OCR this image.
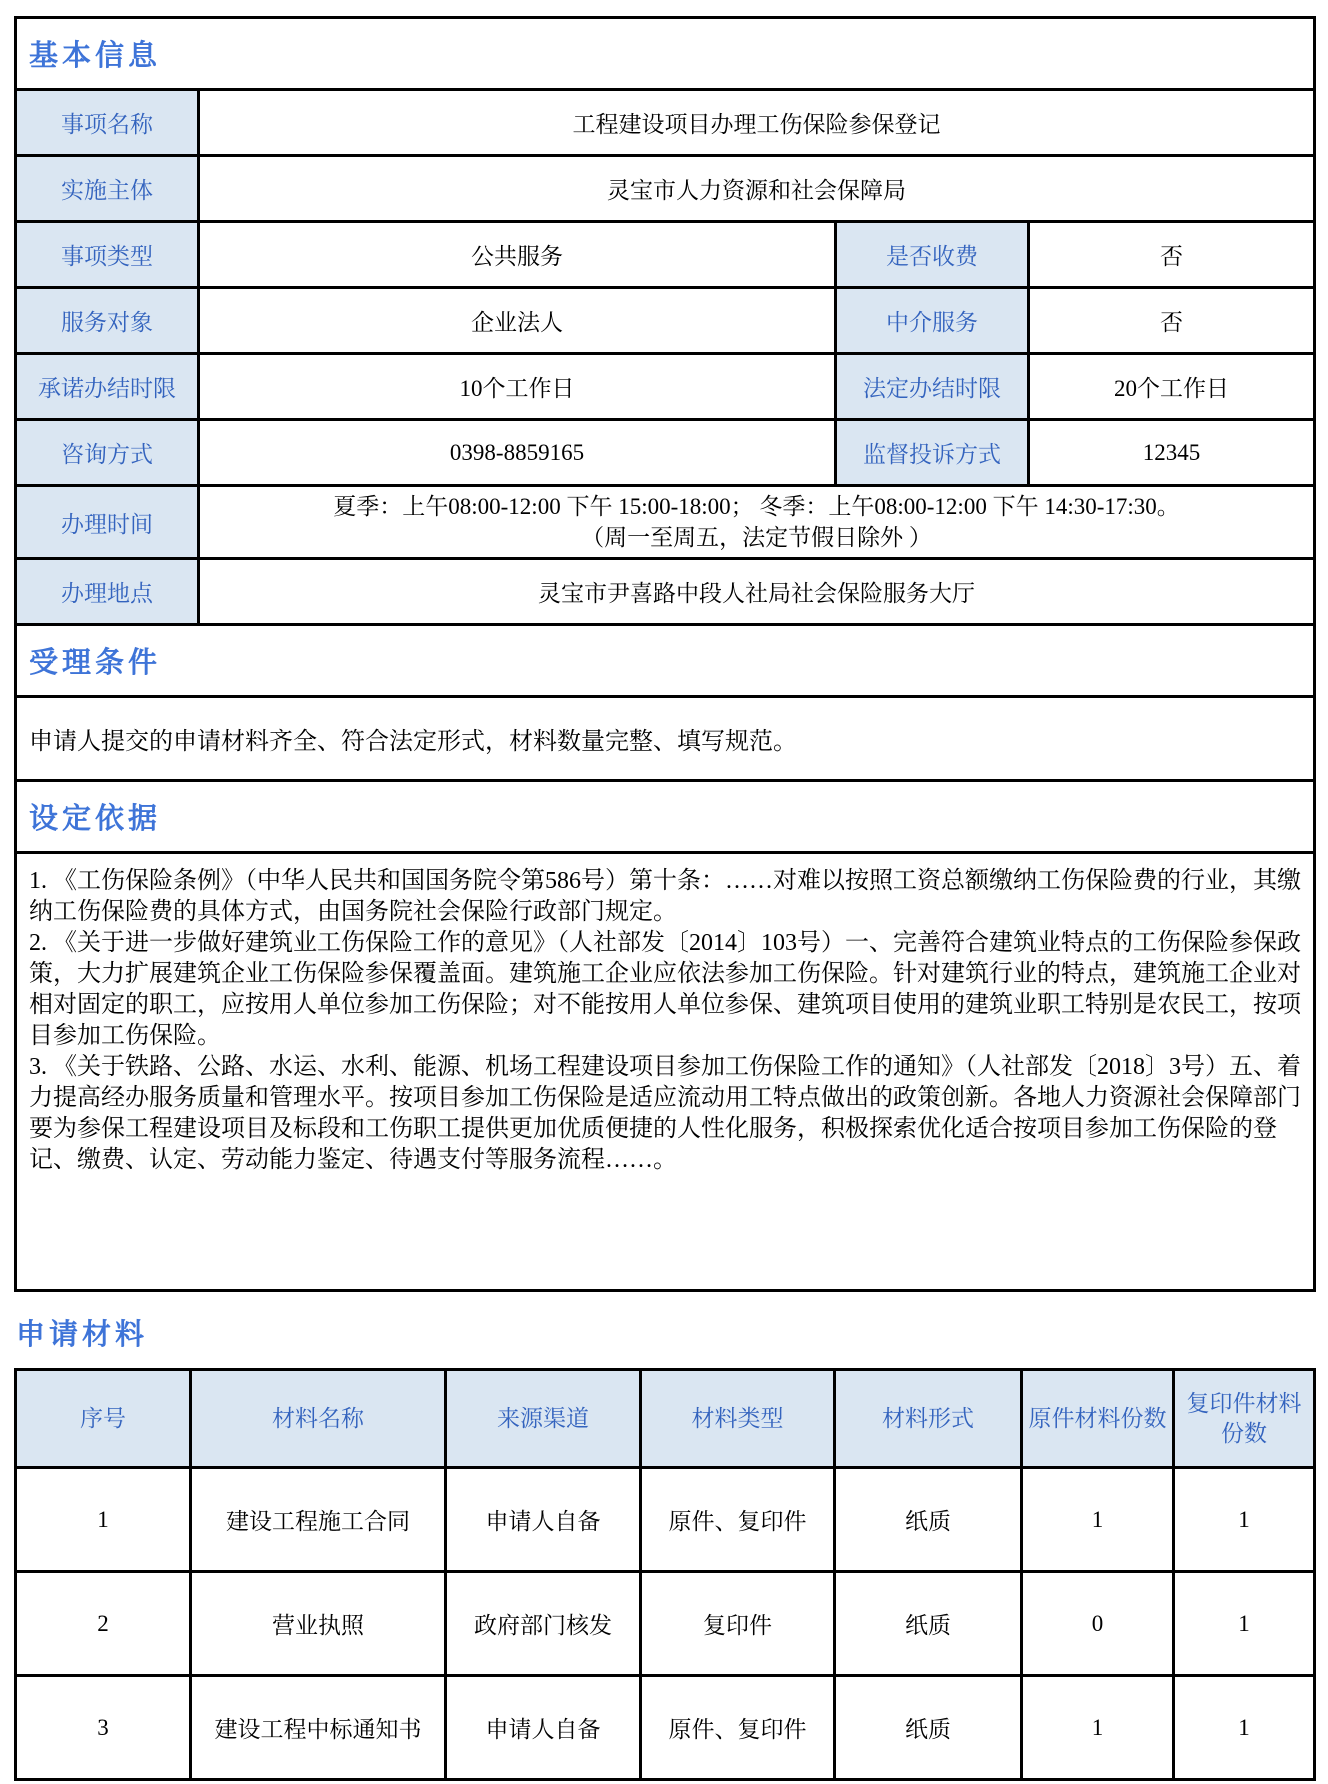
基本信息			
事项名称	工程建设项目办理工伤保险参保登记		
实施主体	灵宝市人力资源和社会保障局		
事项类型	公共服务	是否收费	否
服务对象	企业法人	中介服务	否
承诺办结时限	10个工作日	法定办结时限	20个工作日
咨询方式	0398-8859165	监督投诉方式	12345
办理时间	夏季：上午08:00-12:00 下午 15:00-18:00； 冬季：上午08:00-12:00 下午 14:30-17:30。
（周一至周五，法定节假日除外 ）		

办理地点	灵宝市尹喜路中段人社局社会保险服务大厅		
受理条件			
申请人提交的申请材料齐全、符合法定形式，材料数量完整、填写规范。			
设定依据			

1. 《工伤保险条例》（中华人民共和国国务院令第586号）第十条：……对难以按照工资总额缴纳工伤保险费的行业，其缴纳工伤保险费的具体方式，由国务院社会保险行政部门规定。
2. 《关于进一步做好建筑业工伤保险工作的意见》（人社部发〔2014〕103号）一、完善符合建筑业特点的工伤保险参保政策，大力扩展建筑企业工伤保险参保覆盖面。建筑施工企业应依法参加工伤保险。针对建筑行业的特点，建筑施工企业对相对固定的职工，应按用人单位参加工伤保险；对不能按用人单位参保、建筑项目使用的建筑业职工特别是农民工，按项目参加工伤保险。
3. 《关于铁路、公路、水运、水利、能源、机场工程建设项目参加工伤保险工作的通知》（人社部发〔2018〕3号）五、着力提高经办服务质量和管理水平。按项目参加工伤保险是适应流动用工特点做出的政策创新。各地人力资源社会保障部门要为参保工程建设项目及标段和工伤职工提供更加优质便捷的人性化服务，积极探索优化适合按项目参加工伤保险的登记、缴费、认定、劳动能力鉴定、待遇支付等服务流程……。			
申请材料
序号	材料名称	来源渠道	材料类型	材料形式	原件材料份数	复印件材料份数
1	建设工程施工合同	申请人自备	原件、复印件	纸质	1	1
2	营业执照	政府部门核发	复印件	纸质	0	1
3	建设工程中标通知书	申请人自备	原件、复印件	纸质	1	1
